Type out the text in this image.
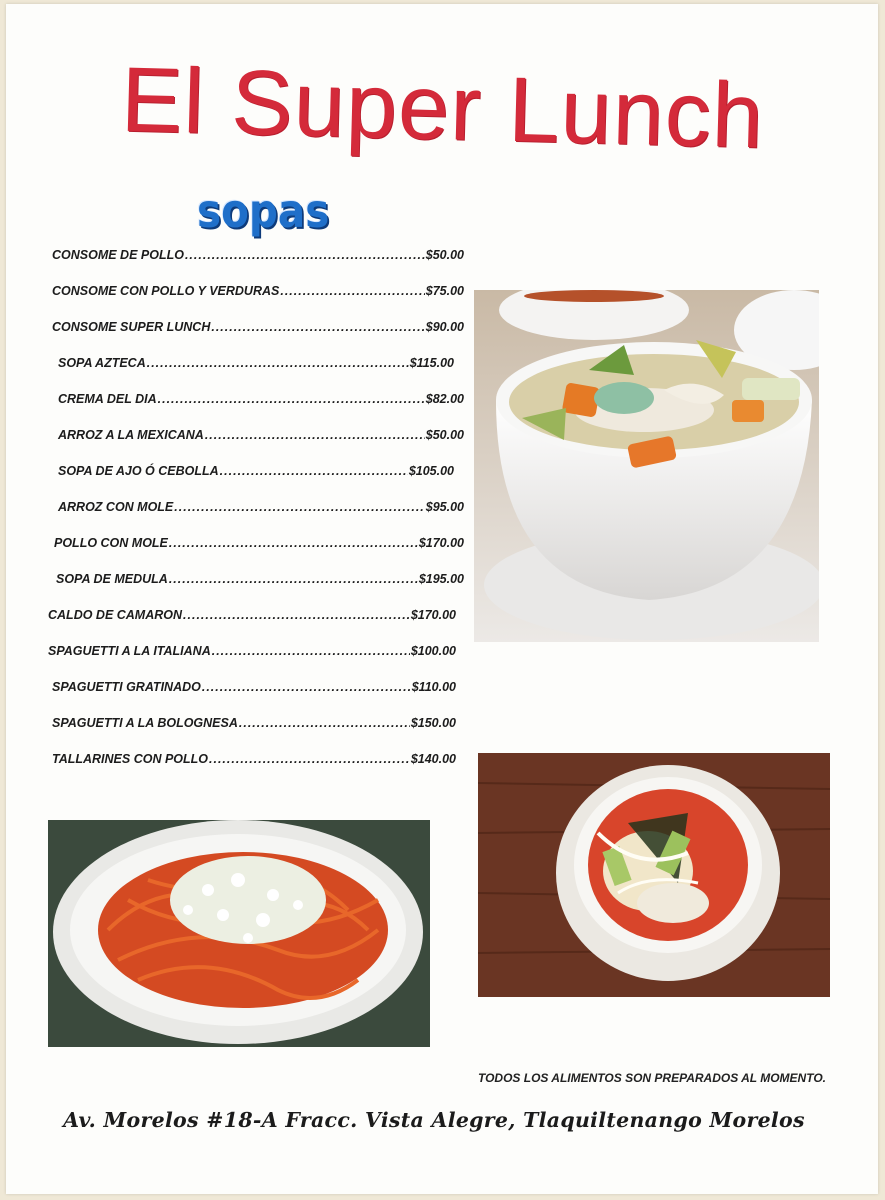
El Super Lunch
sopas
CONSOME DE POLLO .....	$50.00
CONSOME CON POLLO Y VERDURAS .....	$75.00
CONSOME SUPER LUNCH .....	$90.00
SOPA AZTECA .....	$115.00
CREMA DEL DIA .....	$82.00
ARROZ A LA MEXICANA .....	$50.00
SOPA DE AJO Ó CEBOLLA .....	$105.00
ARROZ CON MOLE .....	$95.00
POLLO CON MOLE .....	$170.00
SOPA DE MEDULA .....	$195.00
CALDO DE CAMARON .....	$170.00
SPAGUETTI A LA ITALIANA .....	$100.00
SPAGUETTI GRATINADO .....	$110.00
SPAGUETTI A LA BOLOGNESA .....	$150.00
TALLARINES CON POLLO .....	$140.00
TODOS LOS ALIMENTOS SON PREPARADOS AL MOMENTO.
Av. Morelos #18-A Fracc. Vista Alegre, Tlaquiltenango Morelos
